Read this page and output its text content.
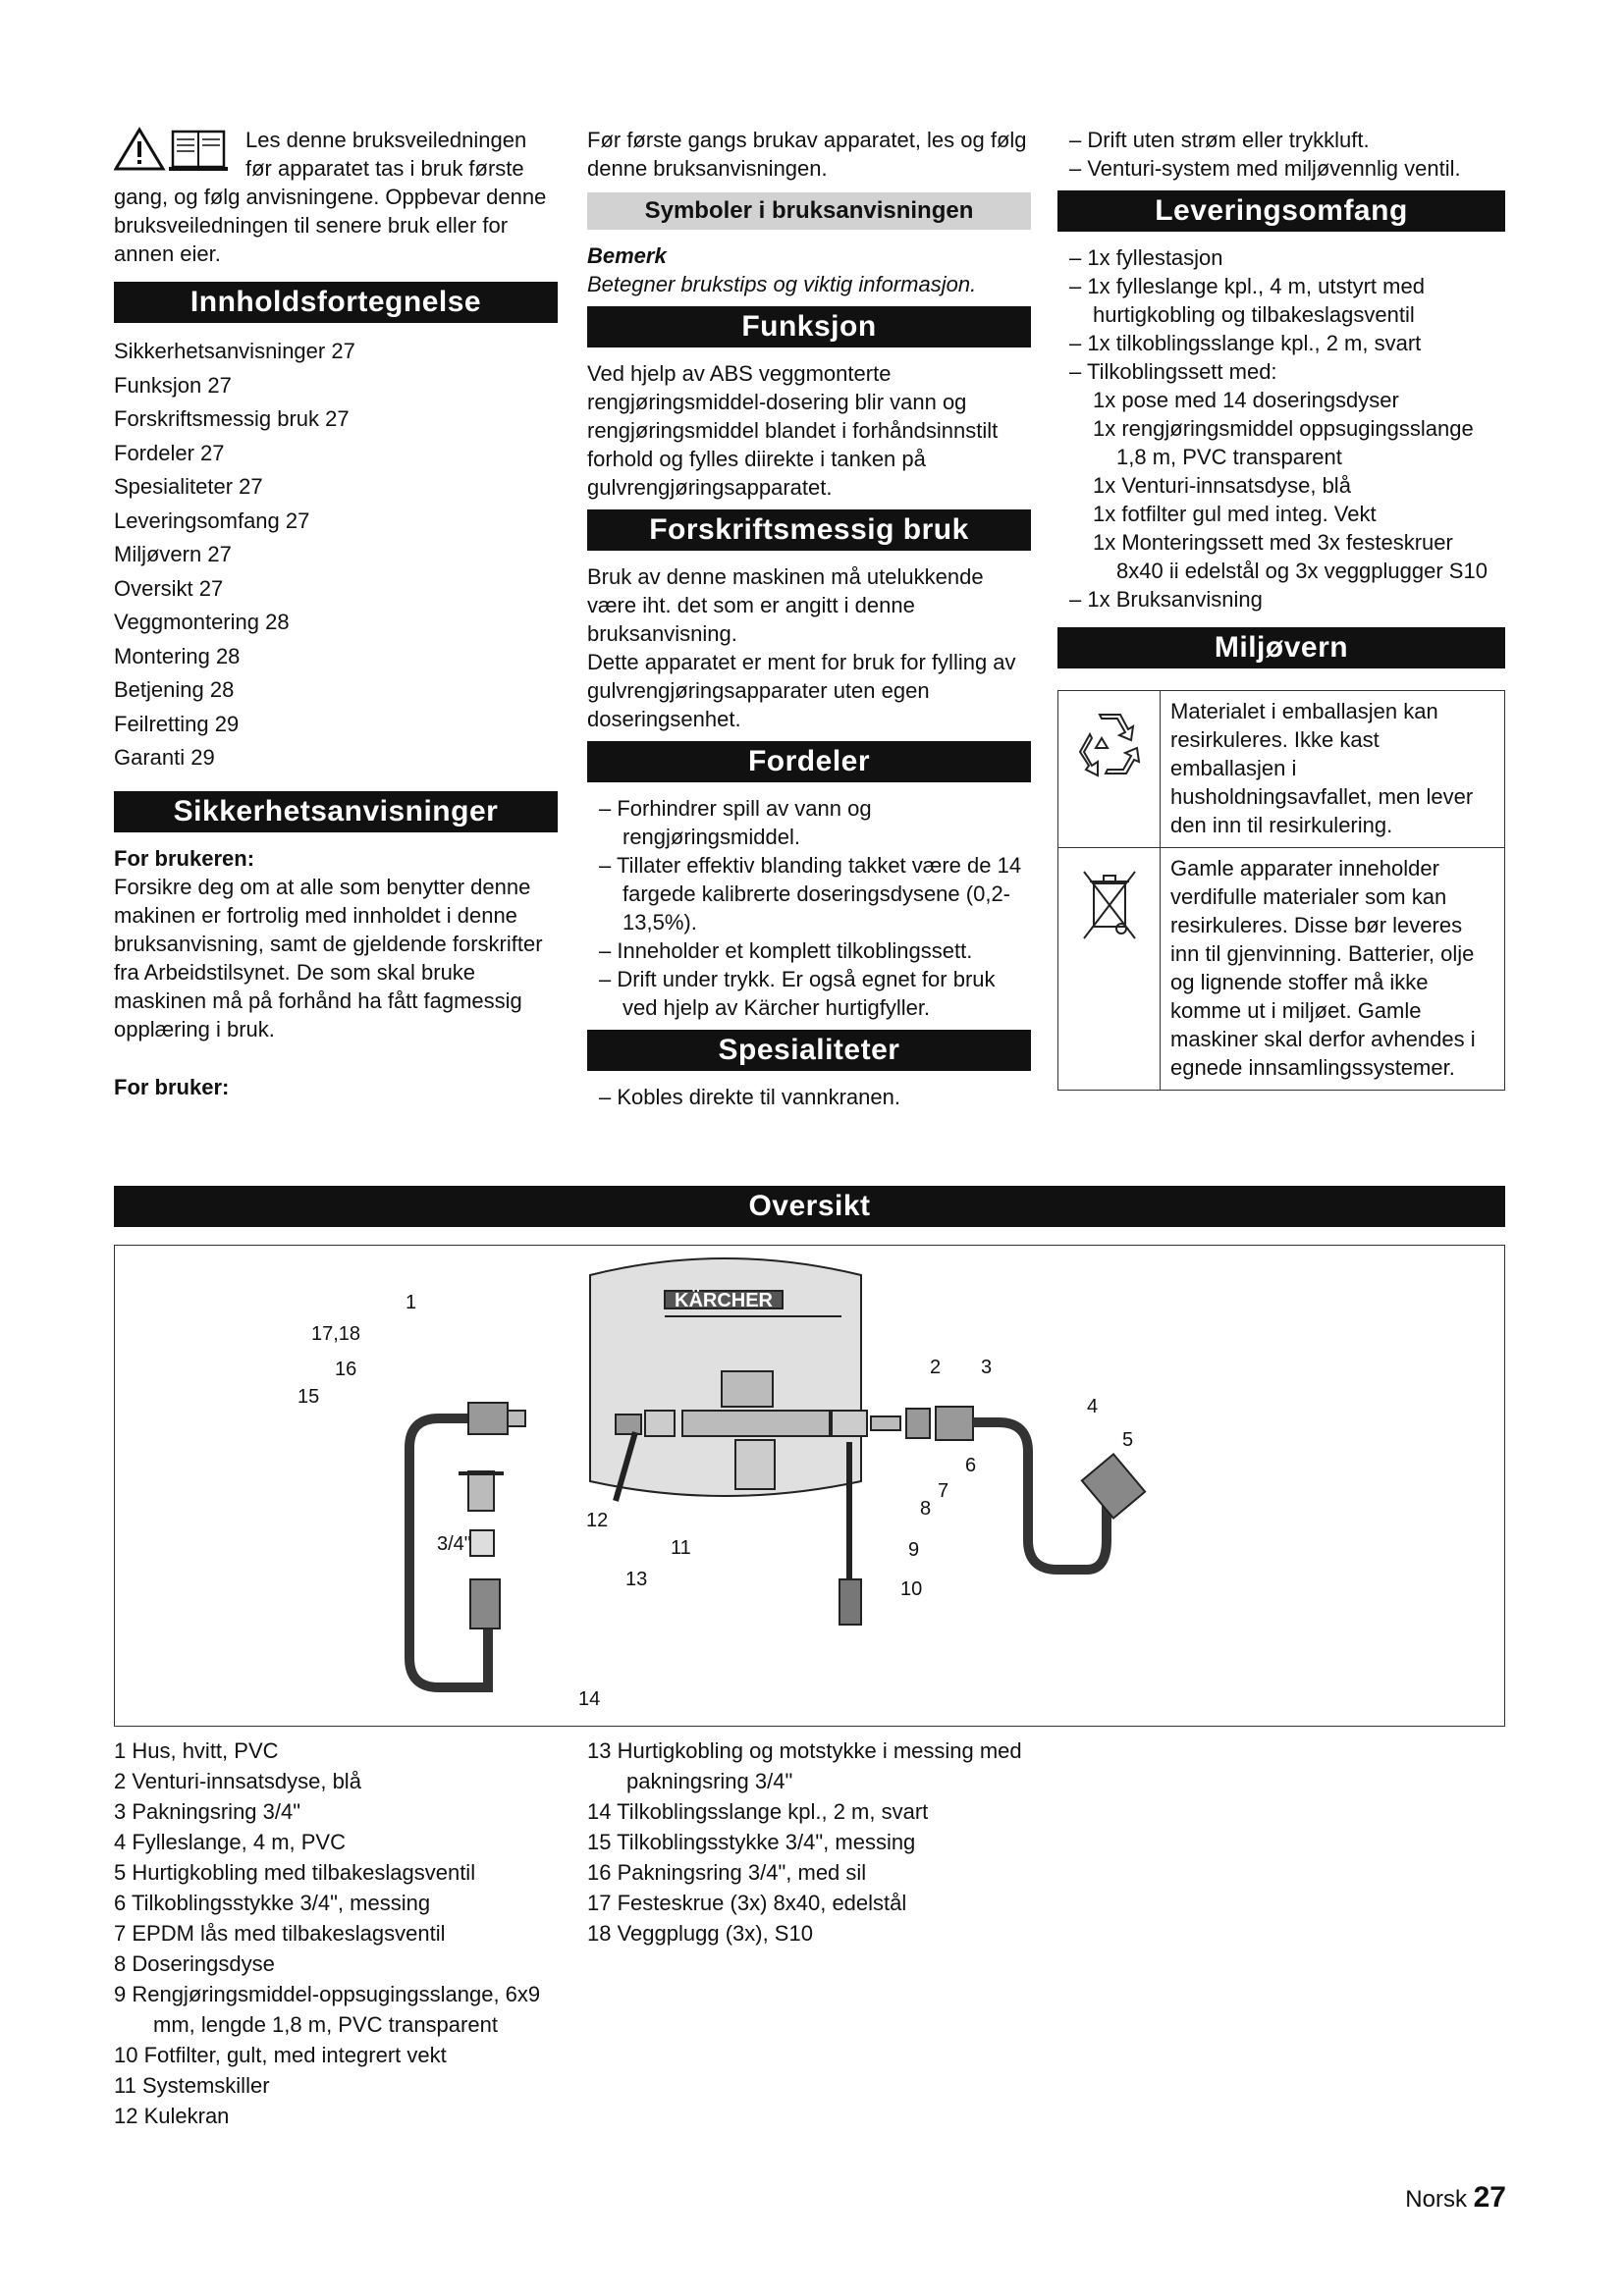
Les denne bruksveiledningen

før apparatet tas i bruk første

gang, og følg anvisningene. Oppbevar denne bruksveiledningen til senere bruk eller for annen eier.

Innholdsfortegnelse
Sikkerhetsanvisninger 27
Funksjon 27
Forskriftsmessig bruk 27
Fordeler 27
Spesialiteter 27
Leveringsomfang 27
Miljøvern 27
Oversikt 27
Veggmontering 28
Montering 28
Betjening 28
Feilretting 29
Garanti 29
Sikkerhetsanvisninger

For brukeren:

Forsikre deg om at alle som benytter denne makinen er fortrolig med innholdet i denne bruksanvisning, samt de gjeldende forskrifter fra Arbeidstilsynet. De som skal bruke maskinen må på forhånd ha fått fagmessig opplæring i bruk.

For bruker:

Før første gangs brukav apparatet, les og følg denne bruksanvisningen.

Symboler i bruksanvisningen

Bemerk

Betegner brukstips og viktig informasjon.

Funksjon

Ved hjelp av ABS veggmonterte rengjøringsmiddel-dosering blir vann og rengjøringsmiddel blandet i forhåndsinnstilt forhold og fylles diirekte i tanken på gulvrengjøringsapparatet.

Forskriftsmessig bruk

Bruk av denne maskinen må utelukkende være iht. det som er angitt i denne bruksanvisning.

Dette apparatet er ment for bruk for fylling av gulvrengjøringsapparater uten egen doseringsenhet.

Fordeler

– Forhindrer spill av vann og rengjøringsmiddel.

– Tillater effektiv blanding takket være de 14 fargede kalibrerte doseringsdysene (0,2-13,5%).

– Inneholder et komplett tilkoblingssett.

– Drift under trykk. Er også egnet for bruk ved hjelp av Kärcher hurtigfyller.

Spesialiteter

– Kobles direkte til vannkranen.

– Drift uten strøm eller trykkluft.

– Venturi-system med miljøvennlig ventil.

Leveringsomfang

– 1x fyllestasjon

– 1x fylleslange kpl., 4 m, utstyrt med hurtigkobling og tilbakeslagsventil

– 1x tilkoblingsslange kpl., 2 m, svart

– Tilkoblingssett med:

1x pose med 14 doseringsdyser

1x rengjøringsmiddel oppsugingsslange 1,8 m, PVC transparent

1x Venturi-innsatsdyse, blå

1x fotfilter gul med integ. Vekt

1x Monteringssett med 3x festeskruer 8x40 ii edelstål og 3x veggplugger S10

– 1x Bruksanvisning

Miljøvern
Materialet i emballasjen kan resirkuleres. Ikke kast emballasjen i husholdningsavfallet, men lever den inn til resirkulering.
Gamle apparater inneholder verdifulle materialer som kan resirkuleres. Disse bør leveres inn til gjenvinning. Batterier, olje og lignende stoffer må ikke komme ut i miljøet. Gamle maskiner skal derfor avhendes i egnede innsamlingssystemer.
Oversikt
KÄRCHER
1
17,18
16
15
2 3
4
5
6
7
8
9
10
11
12
13
14
3/4"
1 Hus, hvitt, PVC
2 Venturi-innsatsdyse, blå
3 Pakningsring 3/4"
4 Fylleslange, 4 m, PVC
5 Hurtigkobling med tilbakeslagsventil
6 Tilkoblingsstykke 3/4", messing
7 EPDM lås med tilbakeslagsventil
8 Doseringsdyse
9 Rengjøringsmiddel-oppsugingsslange, 6x9 mm, lengde 1,8 m, PVC transparent
10 Fotfilter, gult, med integrert vekt
11 Systemskiller
12 Kulekran
13 Hurtigkobling og motstykke i messing med pakningsring 3/4"
14 Tilkoblingsslange kpl., 2 m, svart
15 Tilkoblingsstykke 3/4", messing
16 Pakningsring 3/4", med sil
17 Festeskrue (3x) 8x40, edelstål
18 Veggplugg (3x), S10
Norsk 27
